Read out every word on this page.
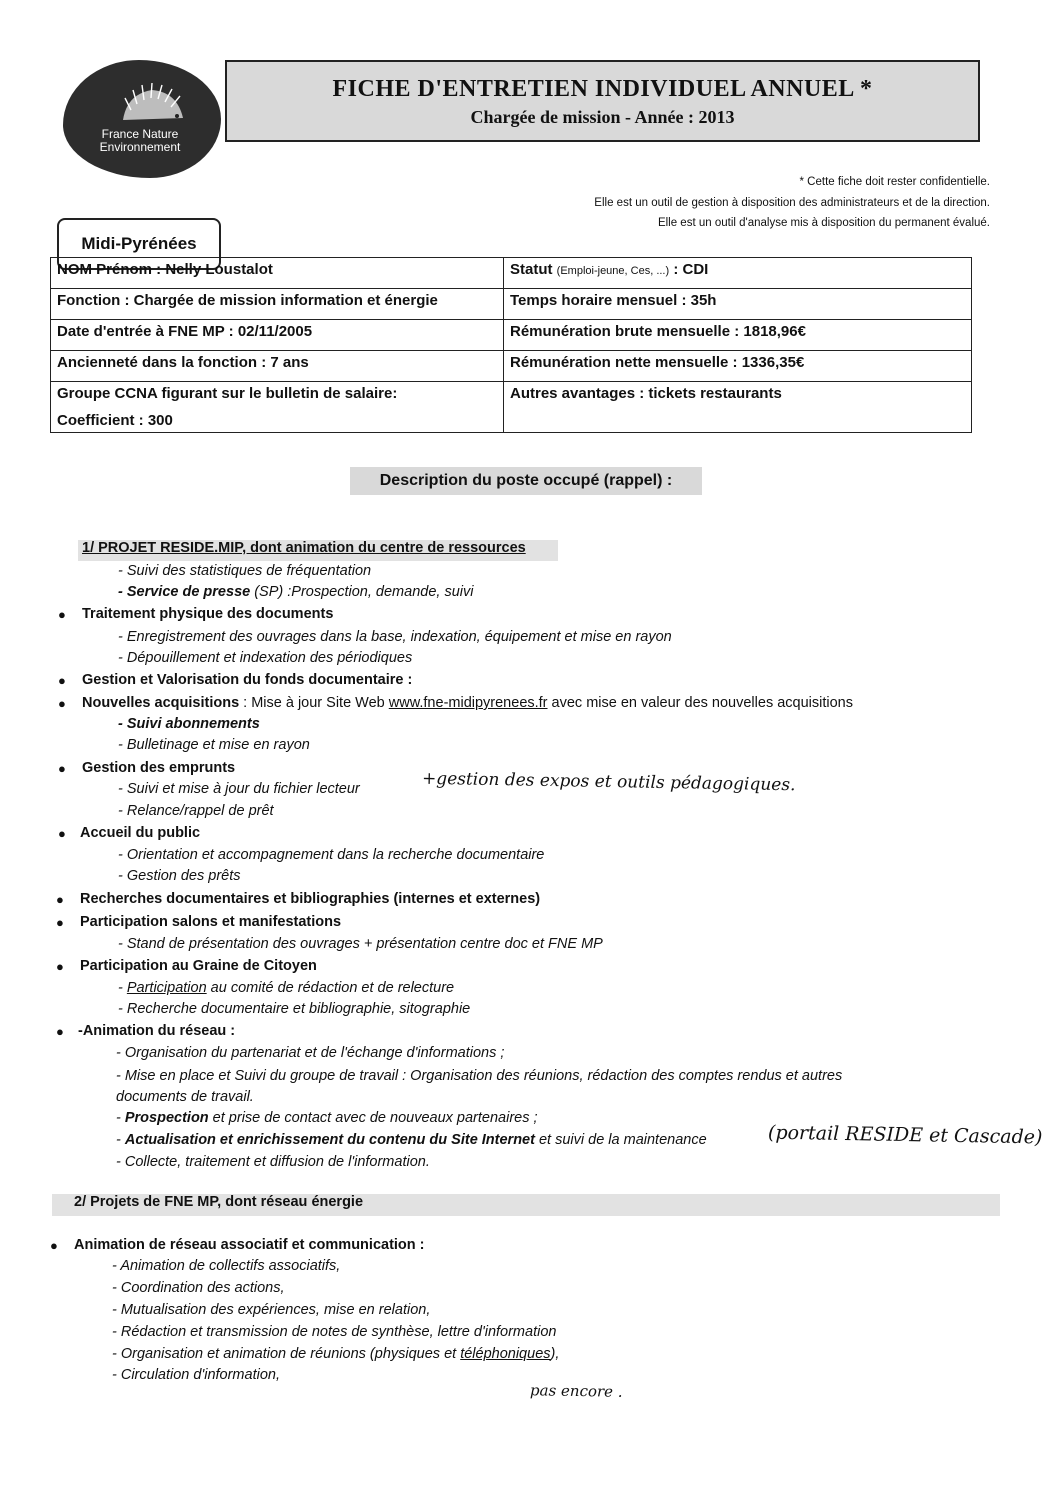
France Nature
Environnement
Midi-Pyrénées
FICHE D'ENTRETIEN INDIVIDUEL ANNUEL *
Chargée de mission - Année : 2013
* Cette fiche doit rester confidentielle.
Elle est un outil de gestion à disposition des administrateurs et de la direction.
Elle est un outil d'analyse mis à disposition du permanent évalué.
NOM Prénom : Nelly Loustalot	Statut (Emploi-jeune, Ces, ...) : CDI
Fonction : Chargée de mission information et énergie	Temps horaire mensuel : 35h
Date d'entrée à FNE MP : 02/11/2005	Rémunération brute mensuelle : 1818,96€
Ancienneté dans la fonction : 7 ans	Rémunération nette mensuelle : 1336,35€

Groupe CCNA figurant sur le bulletin de salaire:
Coefficient : 300	Autres avantages : tickets restaurants
Description du poste occupé (rappel) :
1/ PROJET RESIDE.MIP, dont animation du centre de ressources
- Suivi des statistiques de fréquentation
- Service de presse (SP) :Prospection, demande, suivi
● Traitement physique des documents
- Enregistrement des ouvrages dans la base, indexation, équipement et mise en rayon
- Dépouillement et indexation des périodiques
● Gestion et Valorisation du fonds documentaire :
● Nouvelles acquisitions : Mise à jour Site Web www.fne-midipyrenees.fr avec mise en valeur des nouvelles acquisitions
- Suivi abonnements
- Bulletinage et mise en rayon
● Gestion des emprunts
- Suivi et mise à jour du fichier lecteur	+gestion des expos et outils pédagogiques.
- Relance/rappel de prêt
● Accueil du public
- Orientation et accompagnement dans la recherche documentaire
- Gestion des prêts
● Recherches documentaires et bibliographies (internes et externes)
● Participation salons et manifestations
- Stand de présentation des ouvrages + présentation centre doc et FNE MP
● Participation au Graine de Citoyen
- Participation au comité de rédaction et de relecture
- Recherche documentaire et bibliographie, sitographie
● -Animation du réseau :
- Organisation du partenariat et de l'échange d'informations ;
- Mise en place et Suivi du groupe de travail : Organisation des réunions, rédaction des comptes rendus et autres
documents de travail.
- Prospection et prise de contact avec de nouveaux partenaires ;
- Actualisation et enrichissement du contenu du Site Internet et suivi de la maintenance	(portail RESIDE et Cascade)
- Collecte, traitement et diffusion de l'information.
2/ Projets de FNE MP, dont réseau énergie
● Animation de réseau associatif et communication :
- Animation de collectifs associatifs,
- Coordination des actions,
- Mutualisation des expériences, mise en relation,
- Rédaction et transmission de notes de synthèse, lettre d'information
- Organisation et animation de réunions (physiques et téléphoniques),
- Circulation d'information,
pas encore .
